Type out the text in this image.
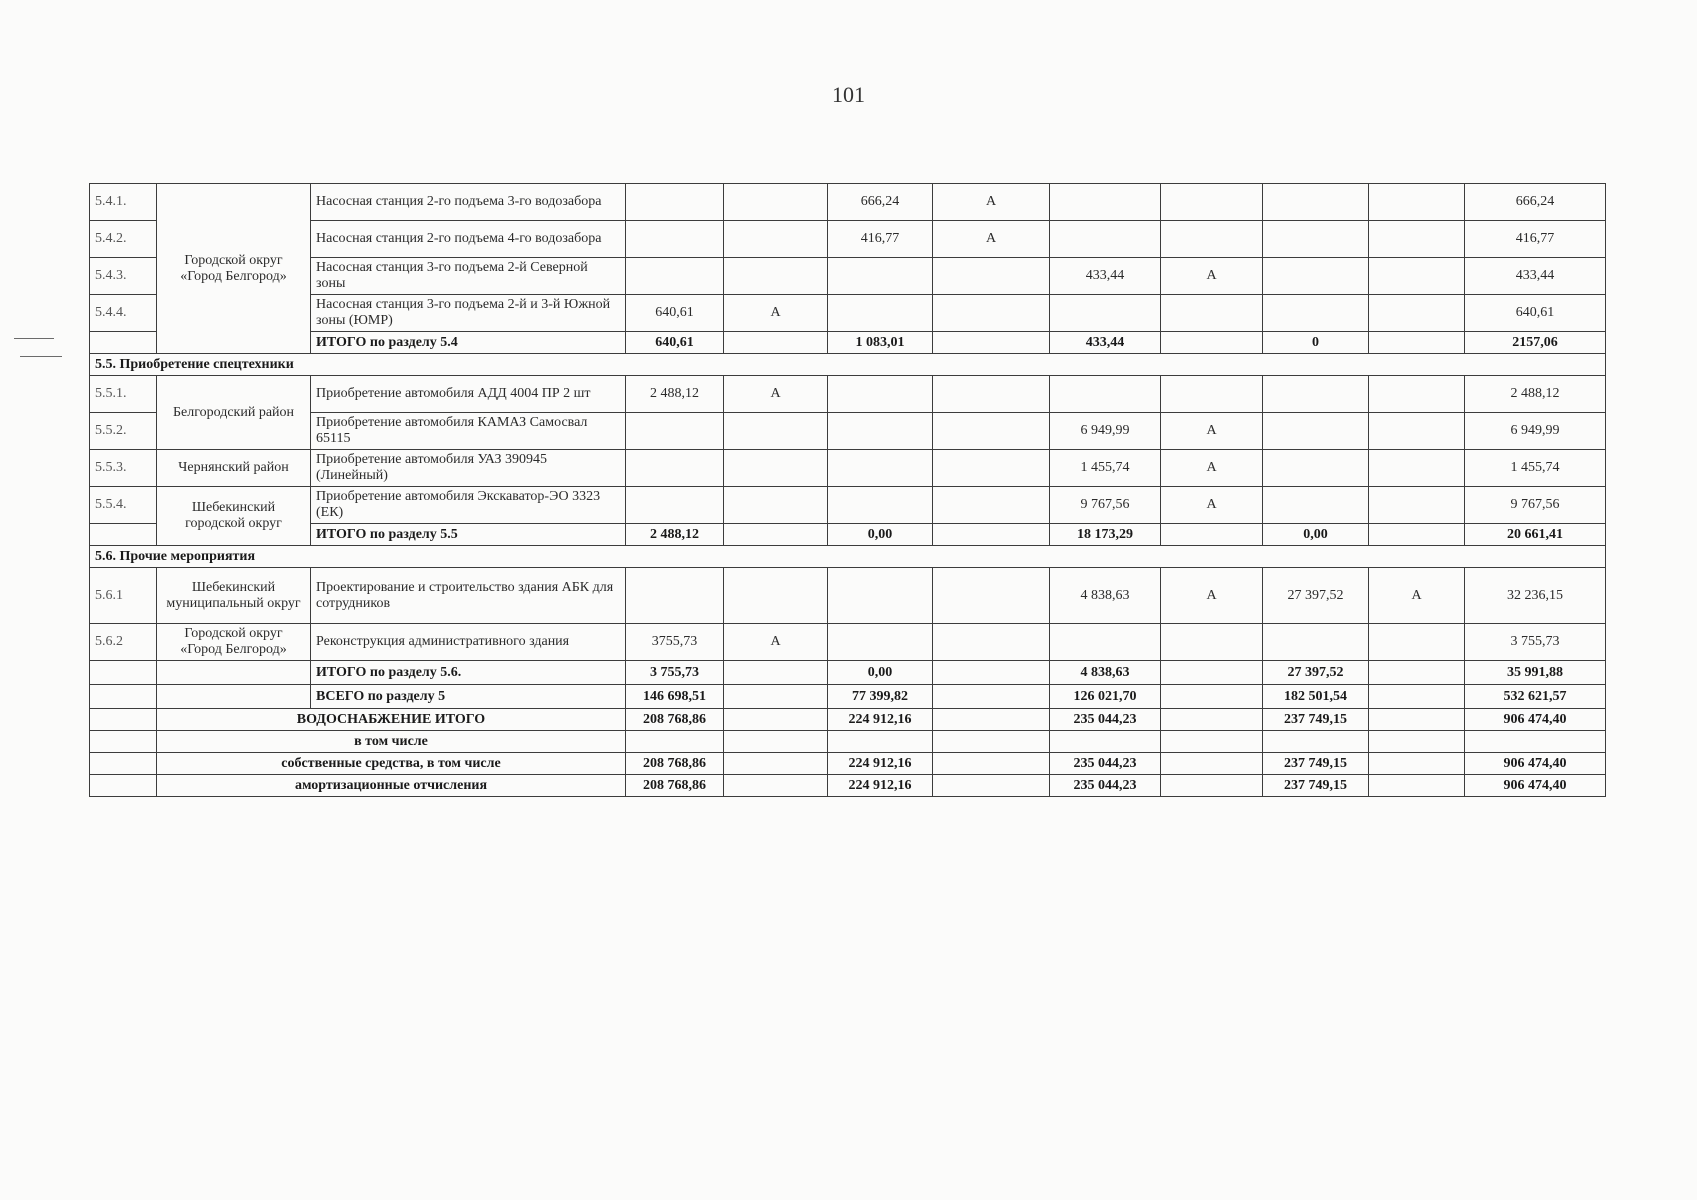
101
5.4.1.	Городской округ «Город Белгород»	Насосная станция 2-го подъема 3-го водозабора			666,24	А					666,24
5.4.2.		Насосная станция 2-го подъема 4-го водозабора			416,77	А					416,77
5.4.3.		Насосная станция 3-го подъема 2-й Северной зоны					433,44	А			433,44
5.4.4.		Насосная станция 3-го подъема 2-й и 3-й Южной зоны (ЮМР)	640,61	А							640,61
		ИТОГО по разделу 5.4	640,61		1 083,01		433,44		0		2157,06
5.5. Приобретение спецтехники											
5.5.1.	Белгородский район	Приобретение автомобиля АДД 4004 ПР 2 шт	2 488,12	А							2 488,12
5.5.2.		Приобретение автомобиля КАМАЗ Самосвал 65115					6 949,99	А			6 949,99
5.5.3.	Чернянский район	Приобретение автомобиля УАЗ 390945 (Линейный)					1 455,74	А			1 455,74
5.5.4.	Шебекинский городской округ	Приобретение автомобиля Экскаватор-ЭО 3323 (ЕК)					9 767,56	А			9 767,56
		ИТОГО по разделу 5.5	2 488,12		0,00		18 173,29		0,00		20 661,41
5.6. Прочие мероприятия											
5.6.1	Шебекинский муниципальный округ	Проектирование и строительство здания АБК для сотрудников					4 838,63	А	27 397,52	А	32 236,15
5.6.2	Городской округ «Город Белгород»	Реконструкция административного здания	3755,73	А							3 755,73
		ИТОГО по разделу 5.6.	3 755,73		0,00		4 838,63		27 397,52		35 991,88
		ВСЕГО по разделу 5	146 698,51		77 399,82		126 021,70		182 501,54		532 621,57
	ВОДОСНАБЖЕНИЕ ИТОГО		208 768,86		224 912,16		235 044,23		237 749,15		906 474,40
	в том числе										
	собственные средства, в том числе		208 768,86		224 912,16		235 044,23		237 749,15		906 474,40
	амортизационные отчисления		208 768,86		224 912,16		235 044,23		237 749,15		906 474,40
